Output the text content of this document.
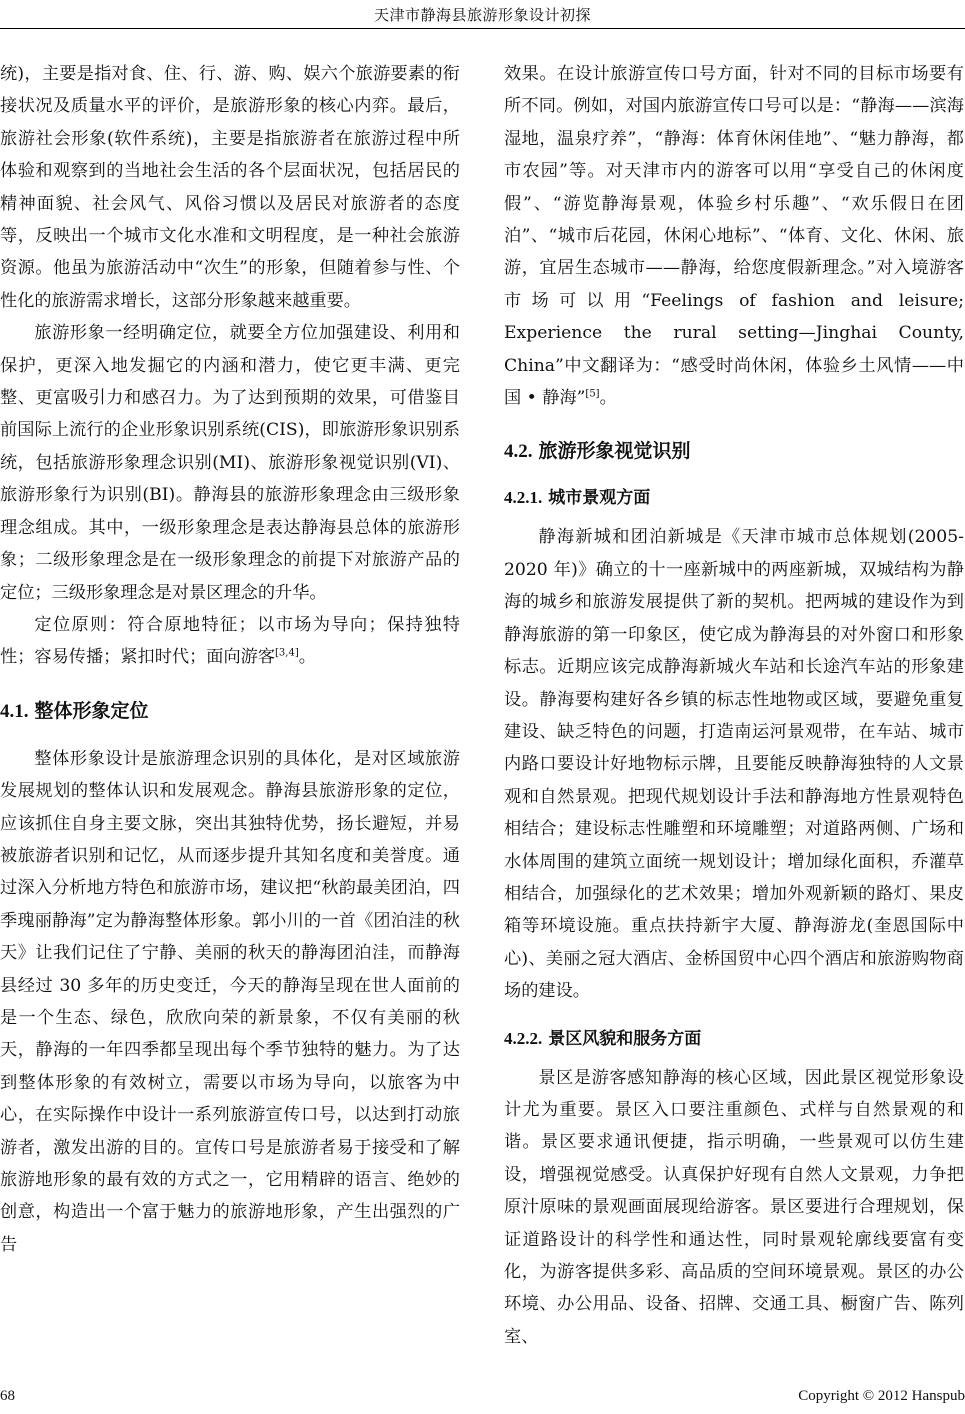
天津市静海县旅游形象设计初探

统)，主要是指对食、住、行、游、购、娱六个旅游要素的衔接状况及质量水平的评价，是旅游形象的核心内弈。最后，旅游社会形象(软件系统)，主要是指旅游者在旅游过程中所体验和观察到的当地社会生活的各个层面状况，包括居民的精神面貌、社会风气、风俗习惯以及居民对旅游者的态度等，反映出一个城市文化水准和文明程度，是一种社会旅游资源。他虽为旅游活动中“次生”的形象，但随着参与性、个性化的旅游需求增长，这部分形象越来越重要。

旅游形象一经明确定位，就要全方位加强建设、利用和保护，更深入地发掘它的内涵和潜力，使它更丰满、更完整、更富吸引力和感召力。为了达到预期的效果，可借鉴目前国际上流行的企业形象识别系统(CIS)，即旅游形象识别系统，包括旅游形象理念识别(MI)、旅游形象视觉识别(VI)、旅游形象行为识别(BI)。静海县的旅游形象理念由三级形象理念组成。其中，一级形象理念是表达静海县总体的旅游形象；二级形象理念是在一级形象理念的前提下对旅游产品的定位；三级形象理念是对景区理念的升华。

定位原则：符合原地特征；以市场为导向；保持独特性；容易传播；紧扣时代；面向游客[3,4]。

4.1. 整体形象定位

整体形象设计是旅游理念识别的具体化，是对区域旅游发展规划的整体认识和发展观念。静海县旅游形象的定位，应该抓住自身主要文脉，突出其独特优势，扬长避短，并易被旅游者识别和记忆，从而逐步提升其知名度和美誉度。通过深入分析地方特色和旅游市场，建议把“秋韵最美团泊，四季瑰丽静海”定为静海整体形象。郭小川的一首《团泊洼的秋天》让我们记住了宁静、美丽的秋天的静海团泊洼，而静海县经过 30 多年的历史变迁，今天的静海呈现在世人面前的是一个生态、绿色，欣欣向荣的新景象，不仅有美丽的秋天，静海的一年四季都呈现出每个季节独特的魅力。为了达到整体形象的有效树立，需要以市场为导向，以旅客为中心，在实际操作中设计一系列旅游宣传口号，以达到打动旅游者，激发出游的目的。宣传口号是旅游者易于接受和了解旅游地形象的最有效的方式之一，它用精辟的语言、绝妙的创意，构造出一个富于魅力的旅游地形象，产生出强烈的广告

效果。在设计旅游宣传口号方面，针对不同的目标市场要有所不同。例如，对国内旅游宣传口号可以是：“静海——滨海湿地，温泉疗养”，“静海：体育休闲佳地”、“魅力静海，都市农园”等。对天津市内的游客可以用“享受自己的休闲度假”、“游览静海景观，体验乡村乐趣”、“欢乐假日在团泊”、“城市后花园，休闲心地标”、“体育、文化、休闲、旅游，宜居生态城市——静海，给您度假新理念。”对入境游客市场可以用“Feelings of fashion and leisure; Experience the rural setting—Jinghai County, China”中文翻译为：“感受时尚休闲，体验乡土风情——中国 • 静海”[5]。

4.2. 旅游形象视觉识别
4.2.1. 城市景观方面

静海新城和团泊新城是《天津市城市总体规划(2005-2020 年)》确立的十一座新城中的两座新城，双城结构为静海的城乡和旅游发展提供了新的契机。把两城的建设作为到静海旅游的第一印象区，使它成为静海县的对外窗口和形象标志。近期应该完成静海新城火车站和长途汽车站的形象建设。静海要构建好各乡镇的标志性地物或区域，要避免重复建设、缺乏特色的问题，打造南运河景观带，在车站、城市内路口要设计好地物标示牌，且要能反映静海独特的人文景观和自然景观。把现代规划设计手法和静海地方性景观特色相结合；建设标志性雕塑和环境雕塑；对道路两侧、广场和水体周围的建筑立面统一规划设计；增加绿化面积，乔灌草相结合，加强绿化的艺术效果；增加外观新颖的路灯、果皮箱等环境设施。重点扶持新宇大厦、静海游龙(奎恩国际中心)、美丽之冠大酒店、金桥国贸中心四个酒店和旅游购物商场的建设。

4.2.2. 景区风貌和服务方面

景区是游客感知静海的核心区域，因此景区视觉形象设计尤为重要。景区入口要注重颜色、式样与自然景观的和谐。景区要求通讯便捷，指示明确，一些景观可以仿生建设，增强视觉感受。认真保护好现有自然人文景观，力争把原汁原味的景观画面展现给游客。景区要进行合理规划，保证道路设计的科学性和通达性，同时景观轮廓线要富有变化，为游客提供多彩、高品质的空间环境景观。景区的办公环境、办公用品、设备、招牌、交通工具、橱窗广告、陈列室、

68	Copyright © 2012 Hanspub
